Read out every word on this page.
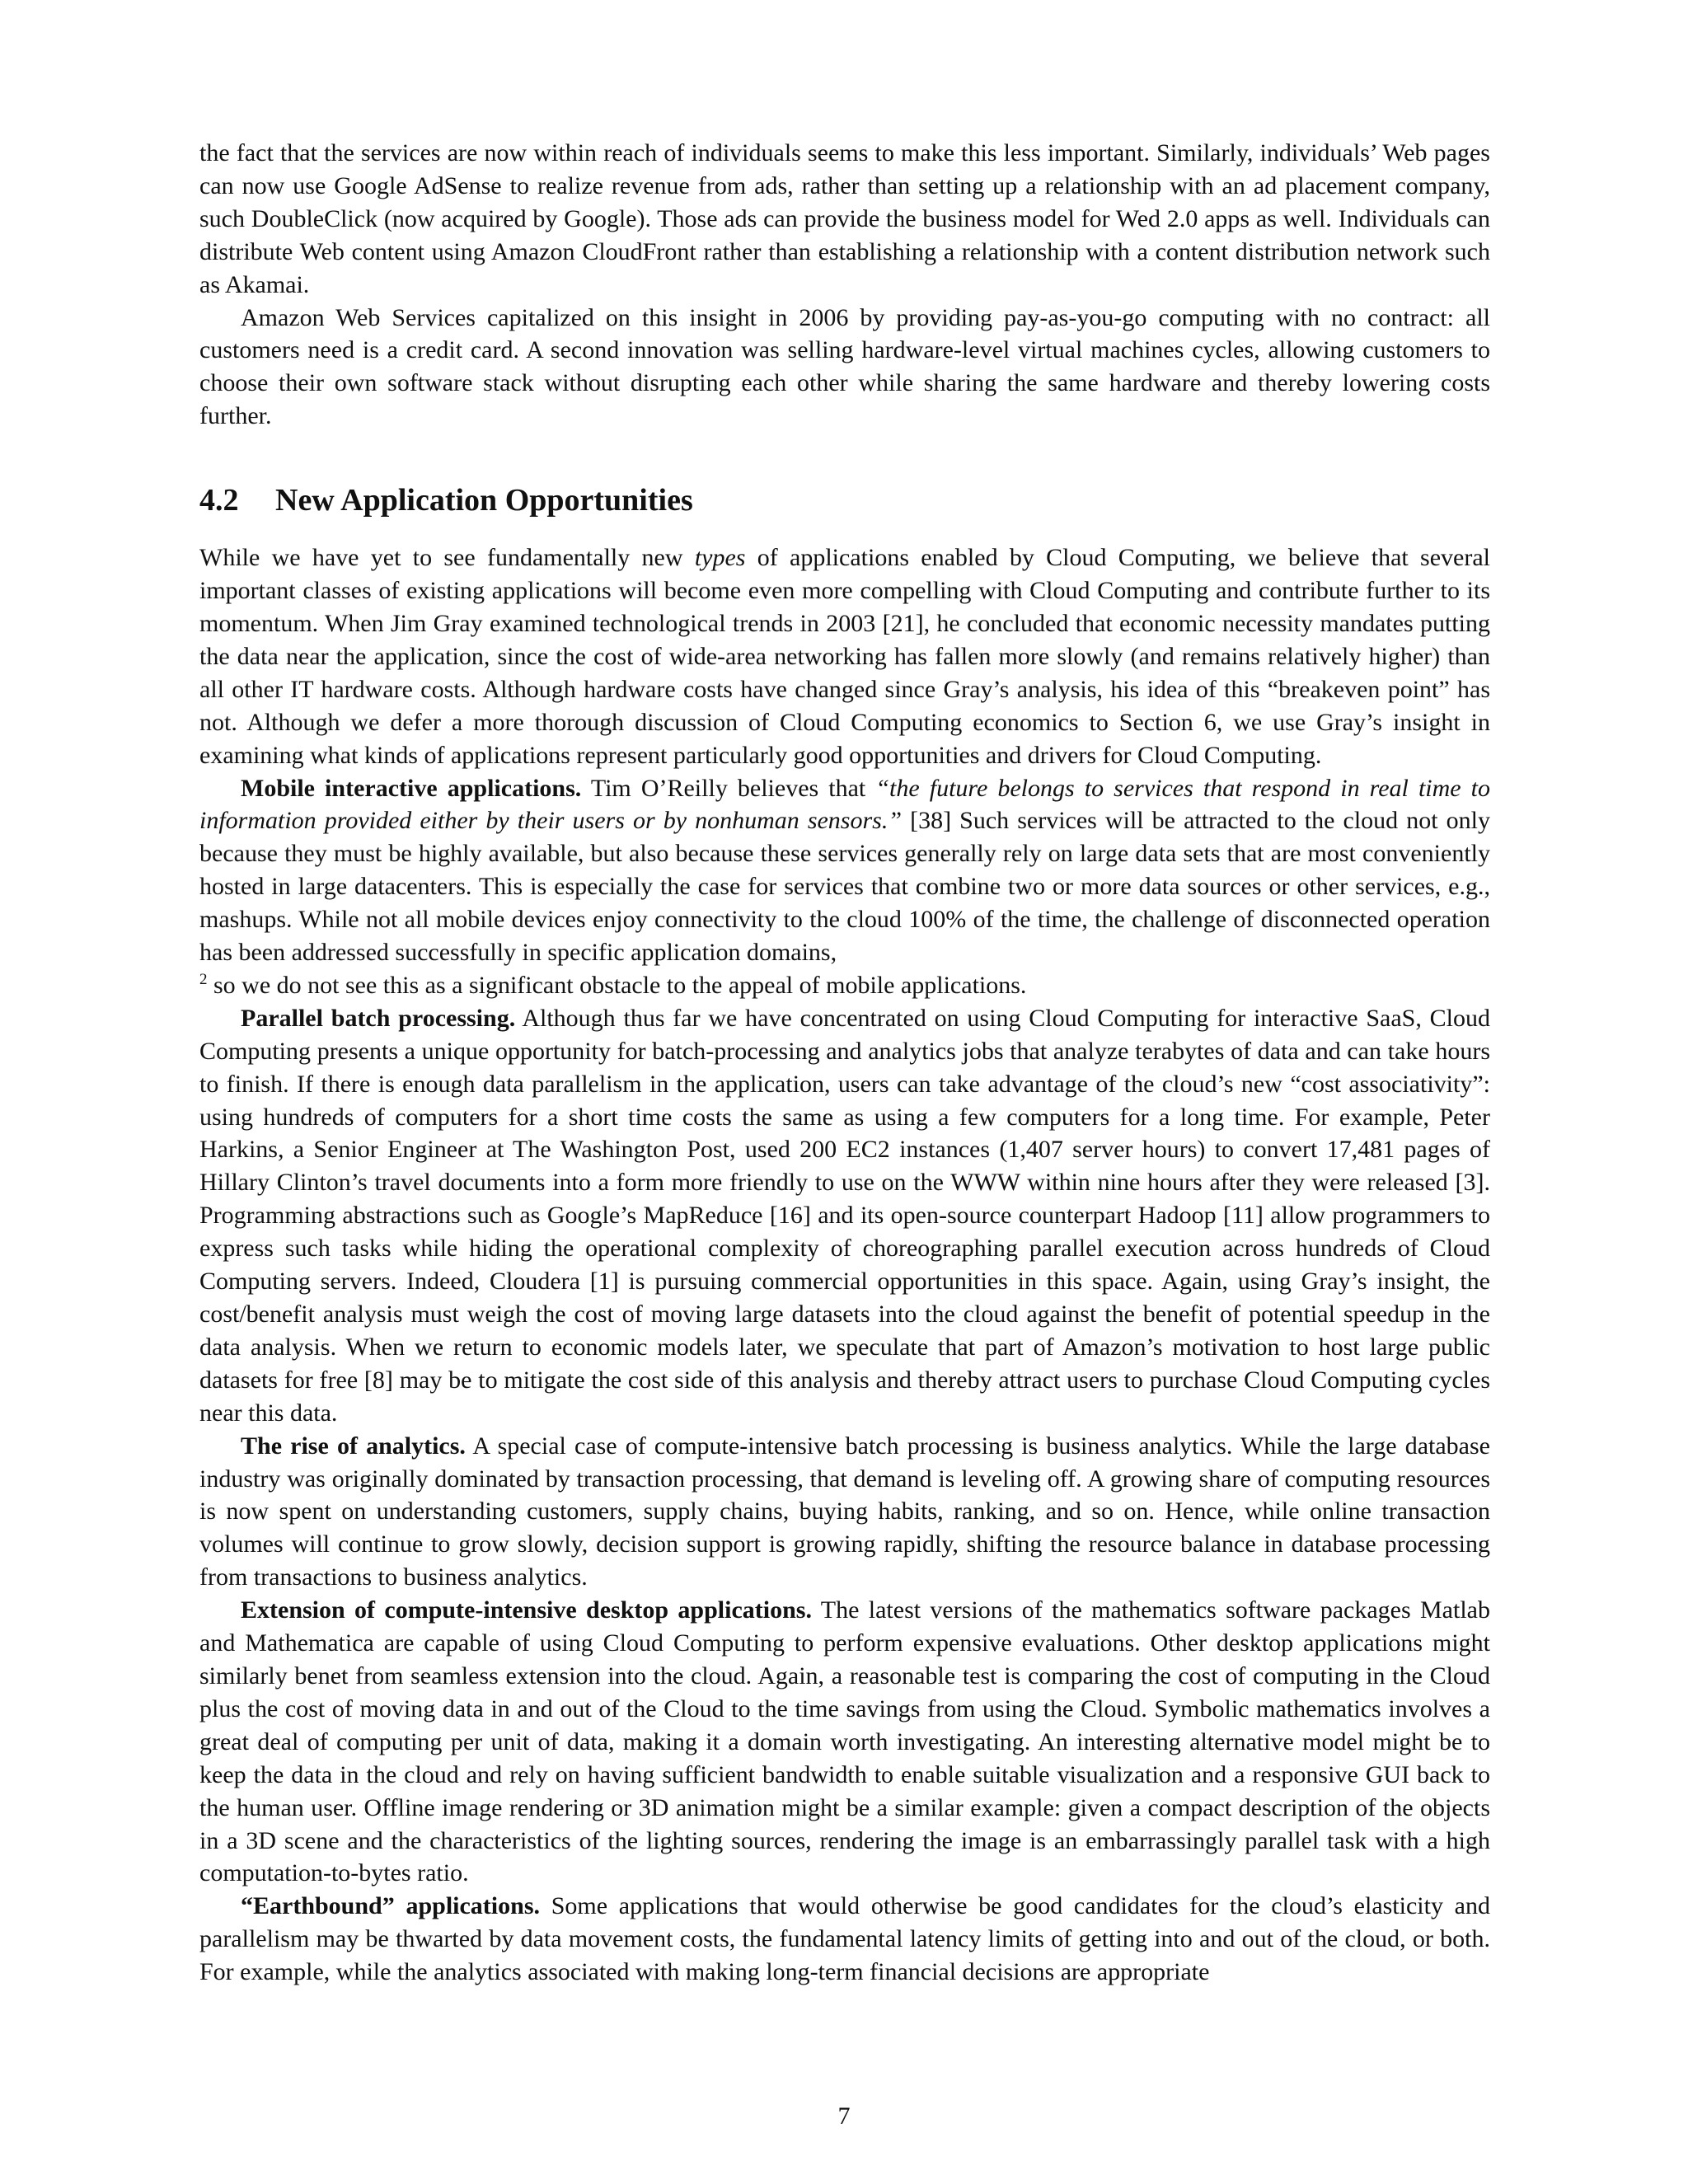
the fact that the services are now within reach of individuals seems to make this less important. Similarly, individuals’ Web pages can now use Google AdSense to realize revenue from ads, rather than setting up a relationship with an ad placement company, such DoubleClick (now acquired by Google). Those ads can provide the business model for Wed 2.0 apps as well. Individuals can distribute Web content using Amazon CloudFront rather than establishing a relationship with a content distribution network such as Akamai.

Amazon Web Services capitalized on this insight in 2006 by providing pay-as-you-go computing with no contract: all customers need is a credit card. A second innovation was selling hardware-level virtual machines cycles, allowing customers to choose their own software stack without disrupting each other while sharing the same hardware and thereby lowering costs further.

4.2 New Application Opportunities

While we have yet to see fundamentally new types of applications enabled by Cloud Computing, we believe that several important classes of existing applications will become even more compelling with Cloud Computing and contribute further to its momentum. When Jim Gray examined technological trends in 2003 [21], he concluded that economic necessity mandates putting the data near the application, since the cost of wide-area networking has fallen more slowly (and remains relatively higher) than all other IT hardware costs. Although hardware costs have changed since Gray’s analysis, his idea of this “breakeven point” has not. Although we defer a more thorough discussion of Cloud Computing economics to Section 6, we use Gray’s insight in examining what kinds of applications represent particularly good opportunities and drivers for Cloud Computing.

Mobile interactive applications. Tim O’Reilly believes that “the future belongs to services that respond in real time to information provided either by their users or by nonhuman sensors.” [38] Such services will be attracted to the cloud not only because they must be highly available, but also because these services generally rely on large data sets that are most conveniently hosted in large datacenters. This is especially the case for services that combine two or more data sources or other services, e.g., mashups. While not all mobile devices enjoy connectivity to the cloud 100% of the time, the challenge of disconnected operation has been addressed successfully in specific application domains,
$^2$ so we do not see this as a significant obstacle to the appeal of mobile applications.

Parallel batch processing. Although thus far we have concentrated on using Cloud Computing for interactive SaaS, Cloud Computing presents a unique opportunity for batch-processing and analytics jobs that analyze terabytes of data and can take hours to finish. If there is enough data parallelism in the application, users can take advantage of the cloud’s new “cost associativity”: using hundreds of computers for a short time costs the same as using a few computers for a long time. For example, Peter Harkins, a Senior Engineer at The Washington Post, used 200 EC2 instances (1,407 server hours) to convert 17,481 pages of Hillary Clinton’s travel documents into a form more friendly to use on the WWW within nine hours after they were released [3]. Programming abstractions such as Google’s MapReduce [16] and its open-source counterpart Hadoop [11] allow programmers to express such tasks while hiding the operational complexity of choreographing parallel execution across hundreds of Cloud Computing servers. Indeed, Cloudera [1] is pursuing commercial opportunities in this space. Again, using Gray’s insight, the cost/benefit analysis must weigh the cost of moving large datasets into the cloud against the benefit of potential speedup in the data analysis. When we return to economic models later, we speculate that part of Amazon’s motivation to host large public datasets for free [8] may be to mitigate the cost side of this analysis and thereby attract users to purchase Cloud Computing cycles near this data.

The rise of analytics. A special case of compute-intensive batch processing is business analytics. While the large database industry was originally dominated by transaction processing, that demand is leveling off. A growing share of computing resources is now spent on understanding customers, supply chains, buying habits, ranking, and so on. Hence, while online transaction volumes will continue to grow slowly, decision support is growing rapidly, shifting the resource balance in database processing from transactions to business analytics.

Extension of compute-intensive desktop applications. The latest versions of the mathematics software packages Matlab and Mathematica are capable of using Cloud Computing to perform expensive evaluations. Other desktop applications might similarly benet from seamless extension into the cloud. Again, a reasonable test is comparing the cost of computing in the Cloud plus the cost of moving data in and out of the Cloud to the time savings from using the Cloud. Symbolic mathematics involves a great deal of computing per unit of data, making it a domain worth investigating. An interesting alternative model might be to keep the data in the cloud and rely on having sufficient bandwidth to enable suitable visualization and a responsive GUI back to the human user. Offline image rendering or 3D animation might be a similar example: given a compact description of the objects in a 3D scene and the characteristics of the lighting sources, rendering the image is an embarrassingly parallel task with a high computation-to-bytes ratio.

“Earthbound” applications. Some applications that would otherwise be good candidates for the cloud’s elasticity and parallelism may be thwarted by data movement costs, the fundamental latency limits of getting into and out of the cloud, or both. For example, while the analytics associated with making long-term financial decisions are appropriate

7
